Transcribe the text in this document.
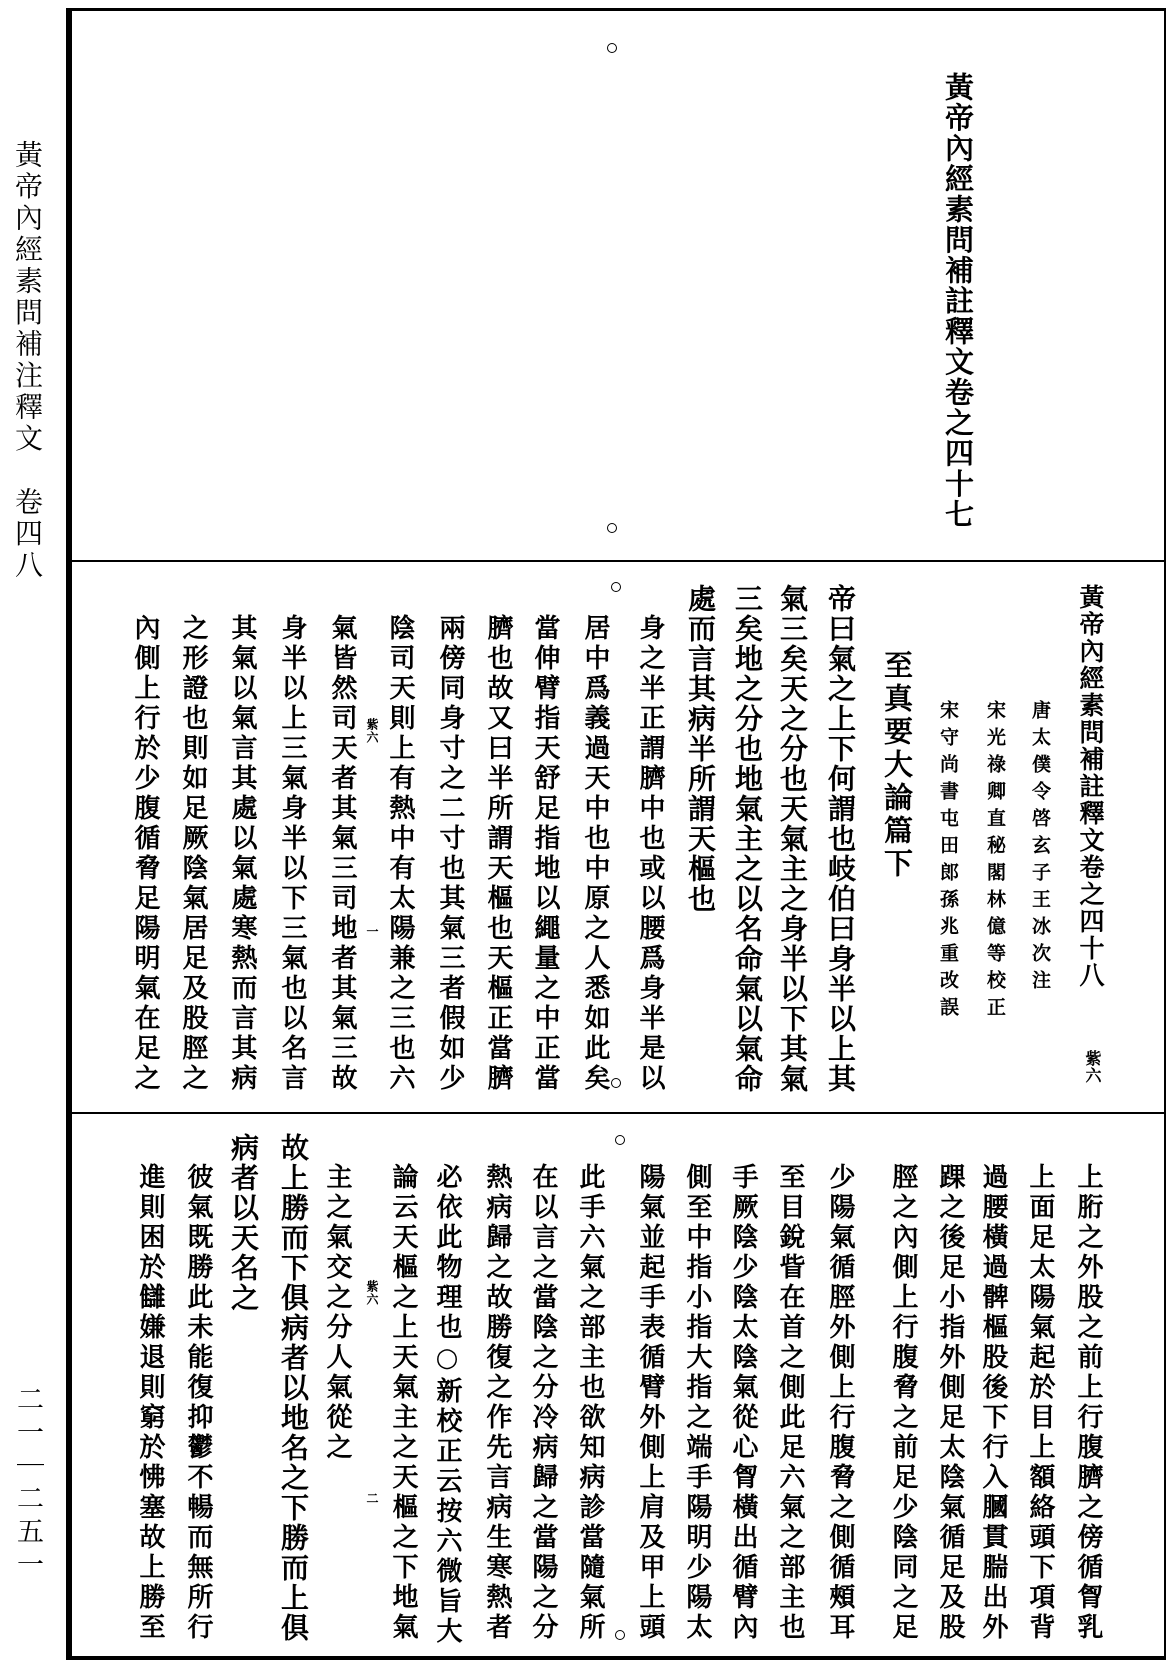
黃帝內經素問補注釋文
卷四八
二一｜二五一
黃帝內經素問補註釋文卷之四十七
黃帝內經素問補註釋文卷之四十八
紫六
唐太僕令啓玄子王冰次注
宋光祿卿直秘閣林億等校正
宋守尚書屯田郎孫兆重改誤
至真要大論篇下
帝曰氣之上下何謂也岐伯曰身半以上其
氣三矣天之分也天氣主之身半以下其氣
三矣地之分也地氣主之以名命氣以氣命
處而言其病半所謂天樞也
身之半正謂臍中也或以腰爲身半是以
居中爲義過天中也中原之人悉如此矣
當伸臂指天舒足指地以繩量之中正當
臍也故又曰半所謂天樞也天樞正當臍
兩傍同身寸之二寸也其氣三者假如少
陰司天則上有熱中有太陽兼之三也六
氣皆然司天者其氣三司地者其氣三故
身半以上三氣身半以下三氣也以名言
其氣以氣言其處以氣處寒熱而言其病
之形證也則如足厥陰氣居足及股脛之
內側上行於少腹循脅足陽明氣在足之	紫六
一
上胻之外股之前上行腹臍之傍循胷乳
上面足太陽氣起於目上額絡頭下項背
過腰橫過髀樞股後下行入膕貫腨出外
踝之後足小指外側足太陰氣循足及股
脛之內側上行腹脅之前足少陰同之足
少陽氣循脛外側上行腹脅之側循頰耳
至目銳眥在首之側此足六氣之部主也
手厥陰少陰太陰氣從心胷橫出循臂內
側至中指小指大指之端手陽明少陽太
陽氣並起手表循臂外側上肩及甲上頭
此手六氣之部主也欲知病診當隨氣所
在以言之當陰之分冷病歸之當陽之分
熱病歸之故勝復之作先言病生寒熱者
必依此物理也○新校正云按六微旨大
論云天樞之上天氣主之天樞之下地氣
主之氣交之分人氣從之
故上勝而下俱病者以地名之下勝而上俱
病者以天名之
彼氣既勝此未能復抑鬱不暢而無所行
進則困於讎嫌退則窮於怫塞故上勝至	紫六
二
